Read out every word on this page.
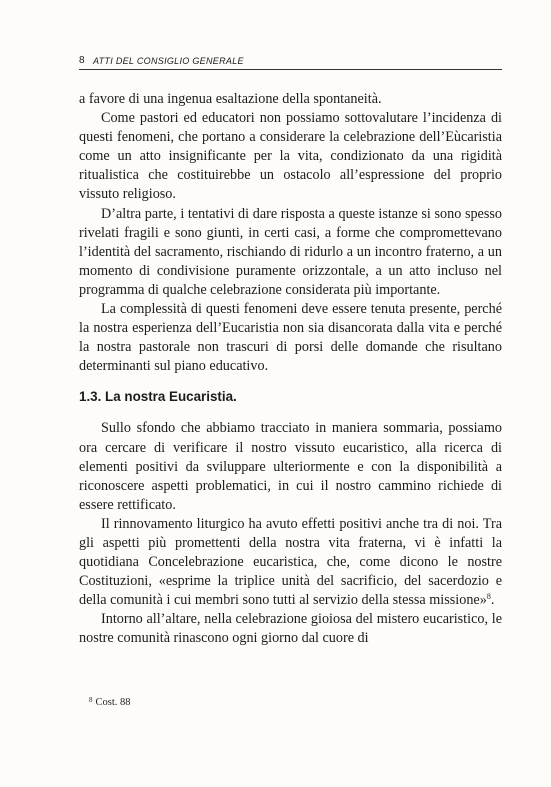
8 ATTI DEL CONSIGLIO GENERALE

a favore di una ingenua esaltazione della spontaneità.

Come pastori ed educatori non possiamo sottovalutare l’incidenza di questi fenomeni, che portano a considerare la celebrazione dell’Eùcaristia come un atto insignificante per la vita, condizionato da una rigidità ritualistica che costituirebbe un ostacolo all’espressione del proprio vissuto religioso.

D’altra parte, i tentativi di dare risposta a queste istanze si sono spesso rivelati fragili e sono giunti, in certi casi, a forme che compromettevano l’identità del sacramento, rischiando di ridurlo a un incontro fraterno, a un momento di condivisione puramente orizzontale, a un atto incluso nel programma di qualche celebrazione considerata più importante.

La complessità di questi fenomeni deve essere tenuta presente, perché la nostra esperienza dell’Eucaristia non sia disancorata dalla vita e perché la nostra pastorale non trascuri di porsi delle domande che risultano determinanti sul piano educativo.

1.3. La nostra Eucaristia.

Sullo sfondo che abbiamo tracciato in maniera sommaria, possiamo ora cercare di verificare il nostro vissuto eucaristico, alla ricerca di elementi positivi da sviluppare ulteriormente e con la disponibilità a riconoscere aspetti problematici, in cui il nostro cammino richiede di essere rettificato.

Il rinnovamento liturgico ha avuto effetti positivi anche tra di noi. Tra gli aspetti più promettenti della nostra vita fraterna, vi è infatti la quotidiana Concelebrazione eucaristica, che, come dicono le nostre Costituzioni, «esprime la triplice unità del sacrificio, del sacerdozio e della comunità i cui membri sono tutti al servizio della stessa missione»$^8$.

Intorno all’altare, nella celebrazione gioiosa del mistero eucaristico, le nostre comunità rinascono ogni giorno dal cuore di

$^8$ Cost. 88
